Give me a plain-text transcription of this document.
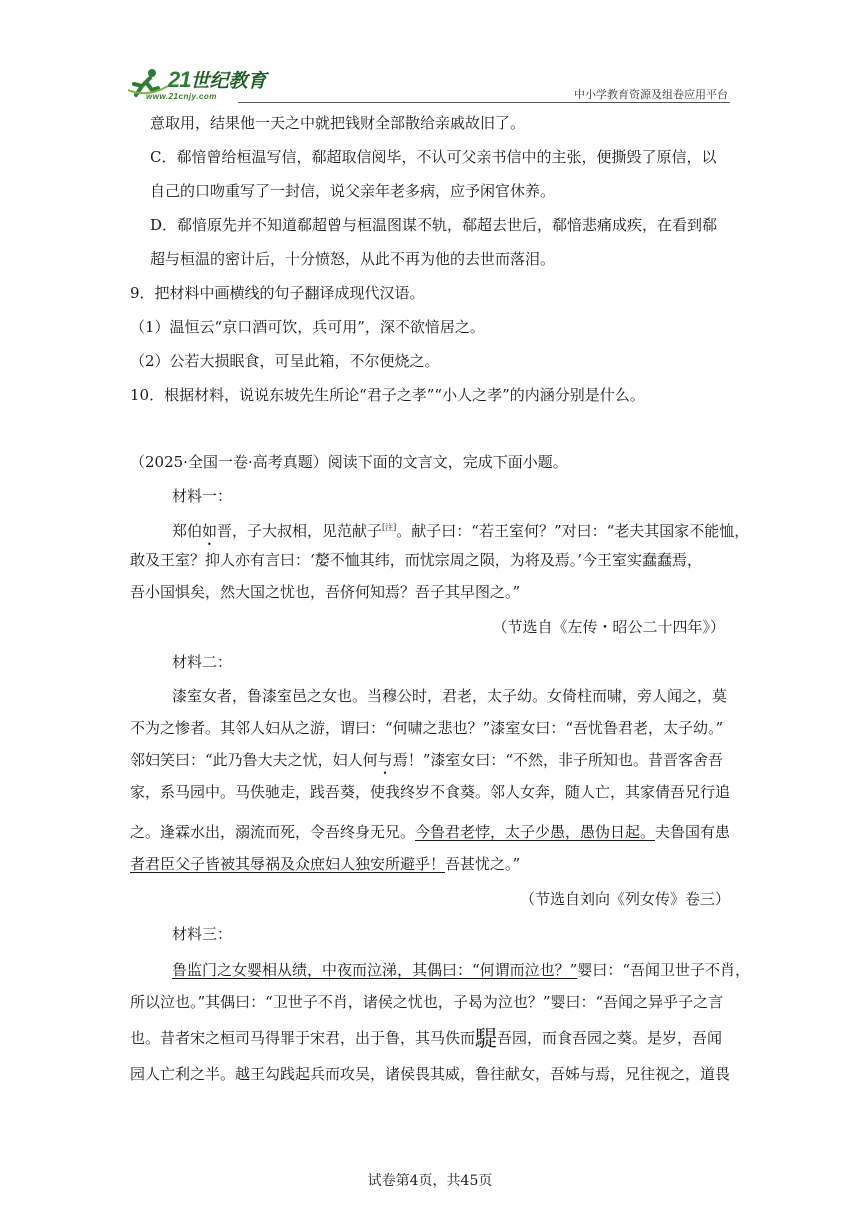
21世纪教育
www.21cnjy.com	中小学教育资源及组卷应用平台
意取用，结果他一天之中就把钱财全部散给亲戚故旧了。
C．郗愔曾给桓温写信，郗超取信阅毕，不认可父亲书信中的主张，便撕毁了原信，以
自己的口吻重写了一封信，说父亲年老多病，应予闲官休养。
D．郗愔原先并不知道郗超曾与桓温图谋不轨，郗超去世后，郗愔悲痛成疾，在看到郗
超与桓温的密计后，十分愤怒，从此不再为他的去世而落泪。
9．把材料中画横线的句子翻译成现代汉语。
（1）温恒云“京口酒可饮，兵可用”，深不欲愔居之。
（2）公若大损眠食，可呈此箱，不尔便烧之。
10．根据材料，说说东坡先生所论“君子之孝”“小人之孝”的内涵分别是什么。
（2025·全国一卷·高考真题）阅读下面的文言文，完成下面小题。
材料一：
郑伯如晋，子大叔相，见范献子[注]。献子曰：“若王室何？”对曰：“老夫其国家不能恤，
敢及王室？抑人亦有言曰：‘嫠不恤其纬，而忧宗周之陨，为将及焉。’今王室实蠢蠢焉，
吾小国惧矣，然大国之忧也，吾侪何知焉？吾子其早图之。”
（节选自《左传・昭公二十四年》）
材料二：
漆室女者，鲁漆室邑之女也。当穆公时，君老，太子幼。女倚柱而啸，旁人闻之，莫
不为之惨者。其邻人妇从之游，谓曰：“何啸之悲也？”漆室女曰：“吾忧鲁君老，太子幼。”
邻妇笑曰：“此乃鲁大夫之忧，妇人何与焉！”漆室女曰：“不然，非子所知也。昔晋客舍吾
家，系马园中。马佚驰走，践吾葵，使我终岁不食葵。邻人女奔，随人亡，其家倩吾兄行追
之。逢霖水出，溺流而死，令吾终身无兄。今鲁君老悖，太子少愚，愚伪日起。夫鲁国有患
者君臣父子皆被其辱祸及众庶妇人独安所避乎！吾甚忧之。”
（节选自刘向《列女传》卷三）
材料三：
鲁监门之女婴相从绩，中夜而泣涕，其偶曰：“何谓而泣也？”婴曰：“吾闻卫世子不肖，
所以泣也。”其偶曰：“卫世子不肖，诸侯之忧也，子曷为泣也？”婴曰：“吾闻之异乎子之言
也。昔者宋之桓司马得罪于宋君，出于鲁，其马佚而騠吾园，而食吾园之葵。是岁，吾闻
园人亡利之半。越王勾践起兵而攻吴，诸侯畏其威，鲁往献女，吾姊与焉，兄往视之，道畏
试卷第4页，共45页
